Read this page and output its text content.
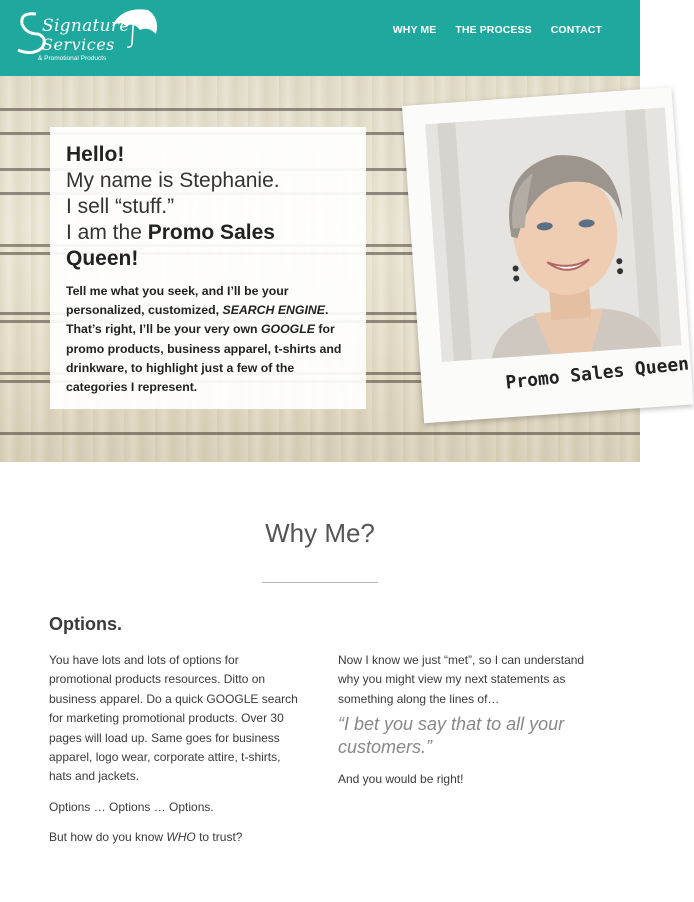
Signature
Services
& Promotional Products
WHY ME THE PROCESS CONTACT
Hello!
My name is Stephanie.
I sell “stuff.”
I am the Promo Sales Queen!
Tell me what you seek, and I’ll be your personalized, customized, SEARCH ENGINE. That’s right, I’ll be your very own GOOGLE for promo products, business apparel, t-shirts and drinkware, to highlight just a few of the categories I represent.	Promo Sales Queen
Why Me?
Options.

You have lots and lots of options for promotional products resources. Ditto on business apparel. Do a quick GOOGLE search for marketing promotional products. Over 30 pages will load up. Same goes for business apparel, logo wear, corporate attire, t-shirts, hats and jackets.

Options … Options … Options.

But how do you know WHO to trust?

Now I know we just “met”, so I can understand why you might view my next statements as something along the lines of…

“I bet you say that to all your customers.”

And you would be right!
